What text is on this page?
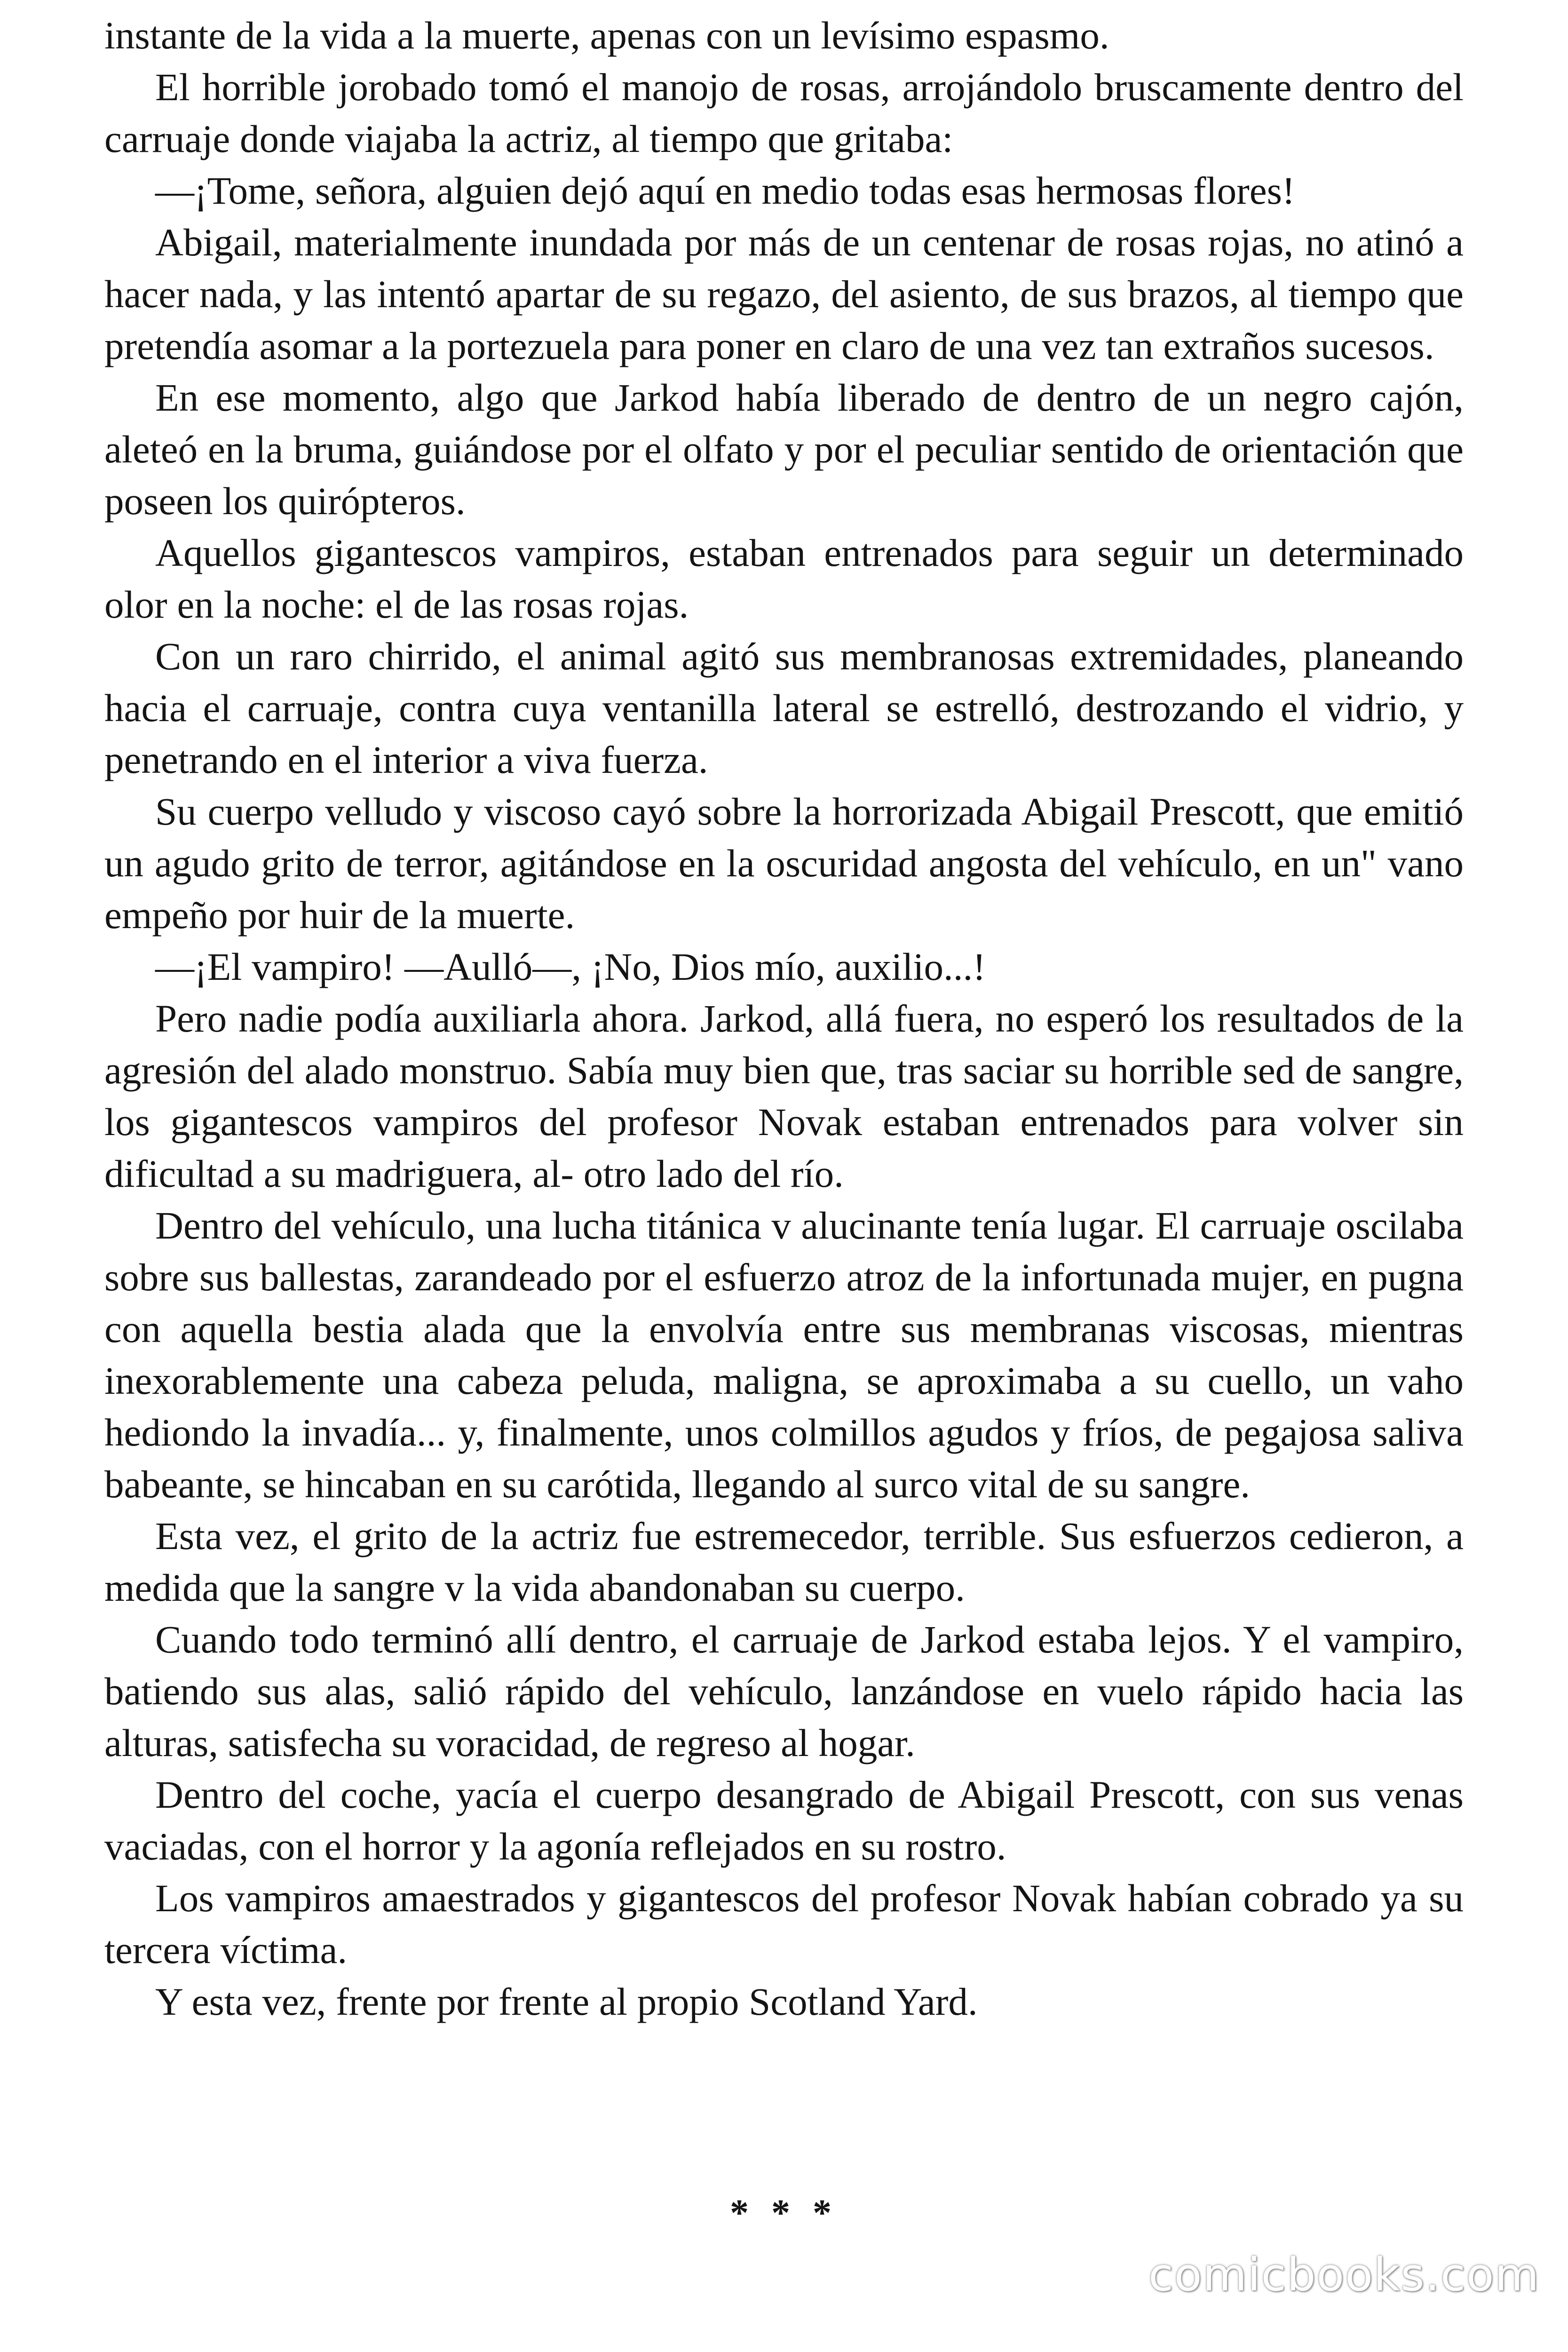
instante de la vida a la muerte, apenas con un levísimo espasmo.

El horrible jorobado tomó el manojo de rosas, arrojándolo bruscamente dentro del carruaje donde viajaba la actriz, al tiempo que gritaba:

—¡Tome, señora, alguien dejó aquí en medio todas esas hermosas flores!

Abigail, materialmente inundada por más de un centenar de rosas rojas, no atinó a hacer nada, y las intentó apartar de su regazo, del asiento, de sus brazos, al tiempo que pretendía asomar a la portezuela para poner en claro de una vez tan extraños sucesos.

En ese momento, algo que Jarkod había liberado de dentro de un negro cajón, aleteó en la bruma, guiándose por el olfato y por el peculiar sentido de orientación que poseen los quirópteros.

Aquellos gigantescos vampiros, estaban entrenados para seguir un determinado olor en la noche: el de las rosas rojas.

Con un raro chirrido, el animal agitó sus membranosas extremidades, planeando hacia el carruaje, contra cuya ventanilla lateral se estrelló, destrozando el vidrio, y penetrando en el interior a viva fuerza.

Su cuerpo velludo y viscoso cayó sobre la horrorizada Abigail Prescott, que emitió un agudo grito de terror, agitándose en la oscuridad angosta del vehículo, en un" vano empeño por huir de la muerte.

—¡El vampiro! —Aulló—, ¡No, Dios mío, auxilio...!

Pero nadie podía auxiliarla ahora. Jarkod, allá fuera, no esperó los resultados de la agresión del alado monstruo. Sabía muy bien que, tras saciar su horrible sed de sangre, los gigantescos vampiros del profesor Novak estaban entrenados para volver sin dificultad a su madriguera, al- otro lado del río.

Dentro del vehículo, una lucha titánica v alucinante tenía lugar. El carruaje oscilaba sobre sus ballestas, zarandeado por el esfuerzo atroz de la infortunada mujer, en pugna con aquella bestia alada que la envolvía entre sus membranas viscosas, mientras inexorablemente una cabeza peluda, maligna, se aproximaba a su cuello, un vaho hediondo la invadía... y, finalmente, unos colmillos agudos y fríos, de pegajosa saliva babeante, se hincaban en su carótida, llegando al surco vital de su sangre.

Esta vez, el grito de la actriz fue estremecedor, terrible. Sus esfuerzos cedieron, a medida que la sangre v la vida abandonaban su cuerpo.

Cuando todo terminó allí dentro, el carruaje de Jarkod estaba lejos. Y el vampiro, batiendo sus alas, salió rápido del vehículo, lanzándose en vuelo rápido hacia las alturas, satisfecha su voracidad, de regreso al hogar.

Dentro del coche, yacía el cuerpo desangrado de Abigail Prescott, con sus venas vaciadas, con el horror y la agonía reflejados en su rostro.

Los vampiros amaestrados y gigantescos del profesor Novak habían cobrado ya su tercera víctima.

Y esta vez, frente por frente al propio Scotland Yard.

* * *
comicbooks.com
